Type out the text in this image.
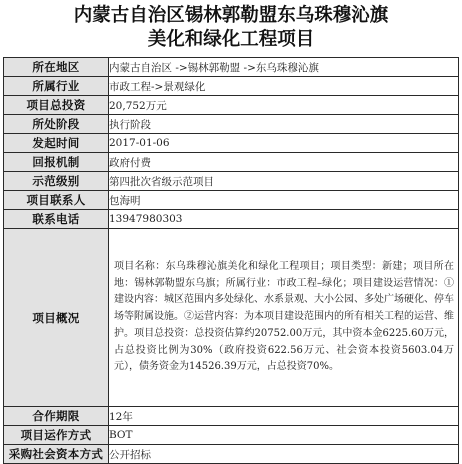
内蒙古自治区锡林郭勒盟东乌珠穆沁旗
美化和绿化工程项目
所在地区	内蒙古自治区 ->锡林郭勒盟 ->东乌珠穆沁旗
所属行业	市政工程->景观绿化
项目总投资	20,752万元
所处阶段	执行阶段
发起时间	2017-01-06
回报机制	政府付费
示范级别	第四批次省级示范项目
项目联系人	包海明
联系电话	13947980303
项目概况	项目名称：东乌珠穆沁旗美化和绿化工程项目；项目类型：新建；项目所在地：锡林郭勒盟东乌旗；所属行业：市政工程–绿化；项目建设运营情况：①建设内容：城区范围内多处绿化、水系景观、大小公园、多处广场硬化、停车场等附属设施。②运营内容：为本项目建设范围内的所有相关工程的运营、维护。项目总投资：总投资估算约20752.00万元，其中资本金6225.60万元，占总投资比例为30%（政府投资622.56万元、社会资本投资5603.04万元），债务资金为14526.39万元，占总投资70%。
合作期限	12年
项目运作方式	BOT
采购社会资本方式	公开招标
